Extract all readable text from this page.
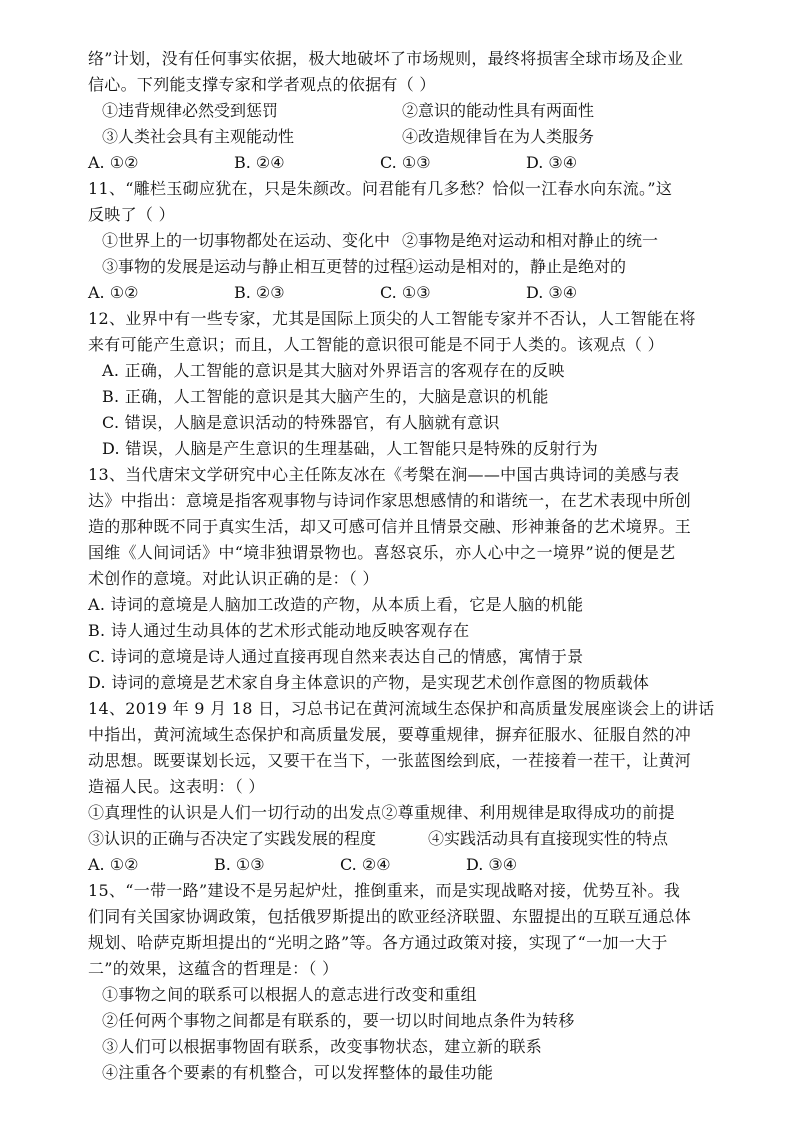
络”计划，没有任何事实依据，极大地破坏了市场规则，最终将损害全球市场及企业
信心。下列能支撑专家和学者观点的依据有（ ）
①违背规律必然受到惩罚	②意识的能动性具有两面性
③人类社会具有主观能动性	④改造规律旨在为人类服务
A. ①②	B. ②④	C. ①③	D. ③④
11、“雕栏玉砌应犹在，只是朱颜改。问君能有几多愁？恰似一江春水向东流。”这
反映了（ ）
①世界上的一切事物都处在运动、变化中 ②事物是绝对运动和相对静止的统一
③事物的发展是运动与静止相互更替的过程
④运动是相对的，静止是绝对的
A. ①②	B. ②③	C. ①③	D. ③④
12、业界中有一些专家，尤其是国际上顶尖的人工智能专家并不否认，人工智能在将
来有可能产生意识；而且，人工智能的意识很可能是不同于人类的。该观点（ ）
A. 正确，人工智能的意识是其大脑对外界语言的客观存在的反映
B. 正确，人工智能的意识是其大脑产生的，大脑是意识的机能
C. 错误，人脑是意识活动的特殊器官，有人脑就有意识
D. 错误，人脑是产生意识的生理基础，人工智能只是特殊的反射行为
13、当代唐宋文学研究中心主任陈友冰在《考槃在涧——中国古典诗词的美感与表
达》中指出：意境是指客观事物与诗词作家思想感情的和谐统一，在艺术表现中所创
造的那种既不同于真实生活，却又可感可信并且情景交融、形神兼备的艺术境界。王
国维《人间词话》中“境非独谓景物也。喜怒哀乐，亦人心中之一境界”说的便是艺
术创作的意境。对此认识正确的是：（ ）
A. 诗词的意境是人脑加工改造的产物，从本质上看，它是人脑的机能
B. 诗人通过生动具体的艺术形式能动地反映客观存在
C. 诗词的意境是诗人通过直接再现自然来表达自己的情感，寓情于景
D. 诗词的意境是艺术家自身主体意识的产物，是实现艺术创作意图的物质载体
14、2019 年 9 月 18 日，习总书记在黄河流域生态保护和高质量发展座谈会上的讲话
中指出，黄河流域生态保护和高质量发展，要尊重规律，摒弃征服水、征服自然的冲
动思想。既要谋划长远，又要干在当下，一张蓝图绘到底，一茬接着一茬干，让黄河
造福人民。这表明：（ ）
①真理性的认识是人们一切行动的出发点②尊重规律、利用规律是取得成功的前提
③认识的正确与否决定了实践发展的程度	④实践活动具有直接现实性的特点
A. ①②	B. ①③	C. ②④	D. ③④
15、“一带一路”建设不是另起炉灶，推倒重来，而是实现战略对接，优势互补。我
们同有关国家协调政策，包括俄罗斯提出的欧亚经济联盟、东盟提出的互联互通总体
规划、哈萨克斯坦提出的“光明之路”等。各方通过政策对接，实现了“一加一大于
二”的效果，这蕴含的哲理是：（ ）
①事物之间的联系可以根据人的意志进行改变和重组
②任何两个事物之间都是有联系的，要一切以时间地点条件为转移
③人们可以根据事物固有联系，改变事物状态，建立新的联系
④注重各个要素的有机整合，可以发挥整体的最佳功能
